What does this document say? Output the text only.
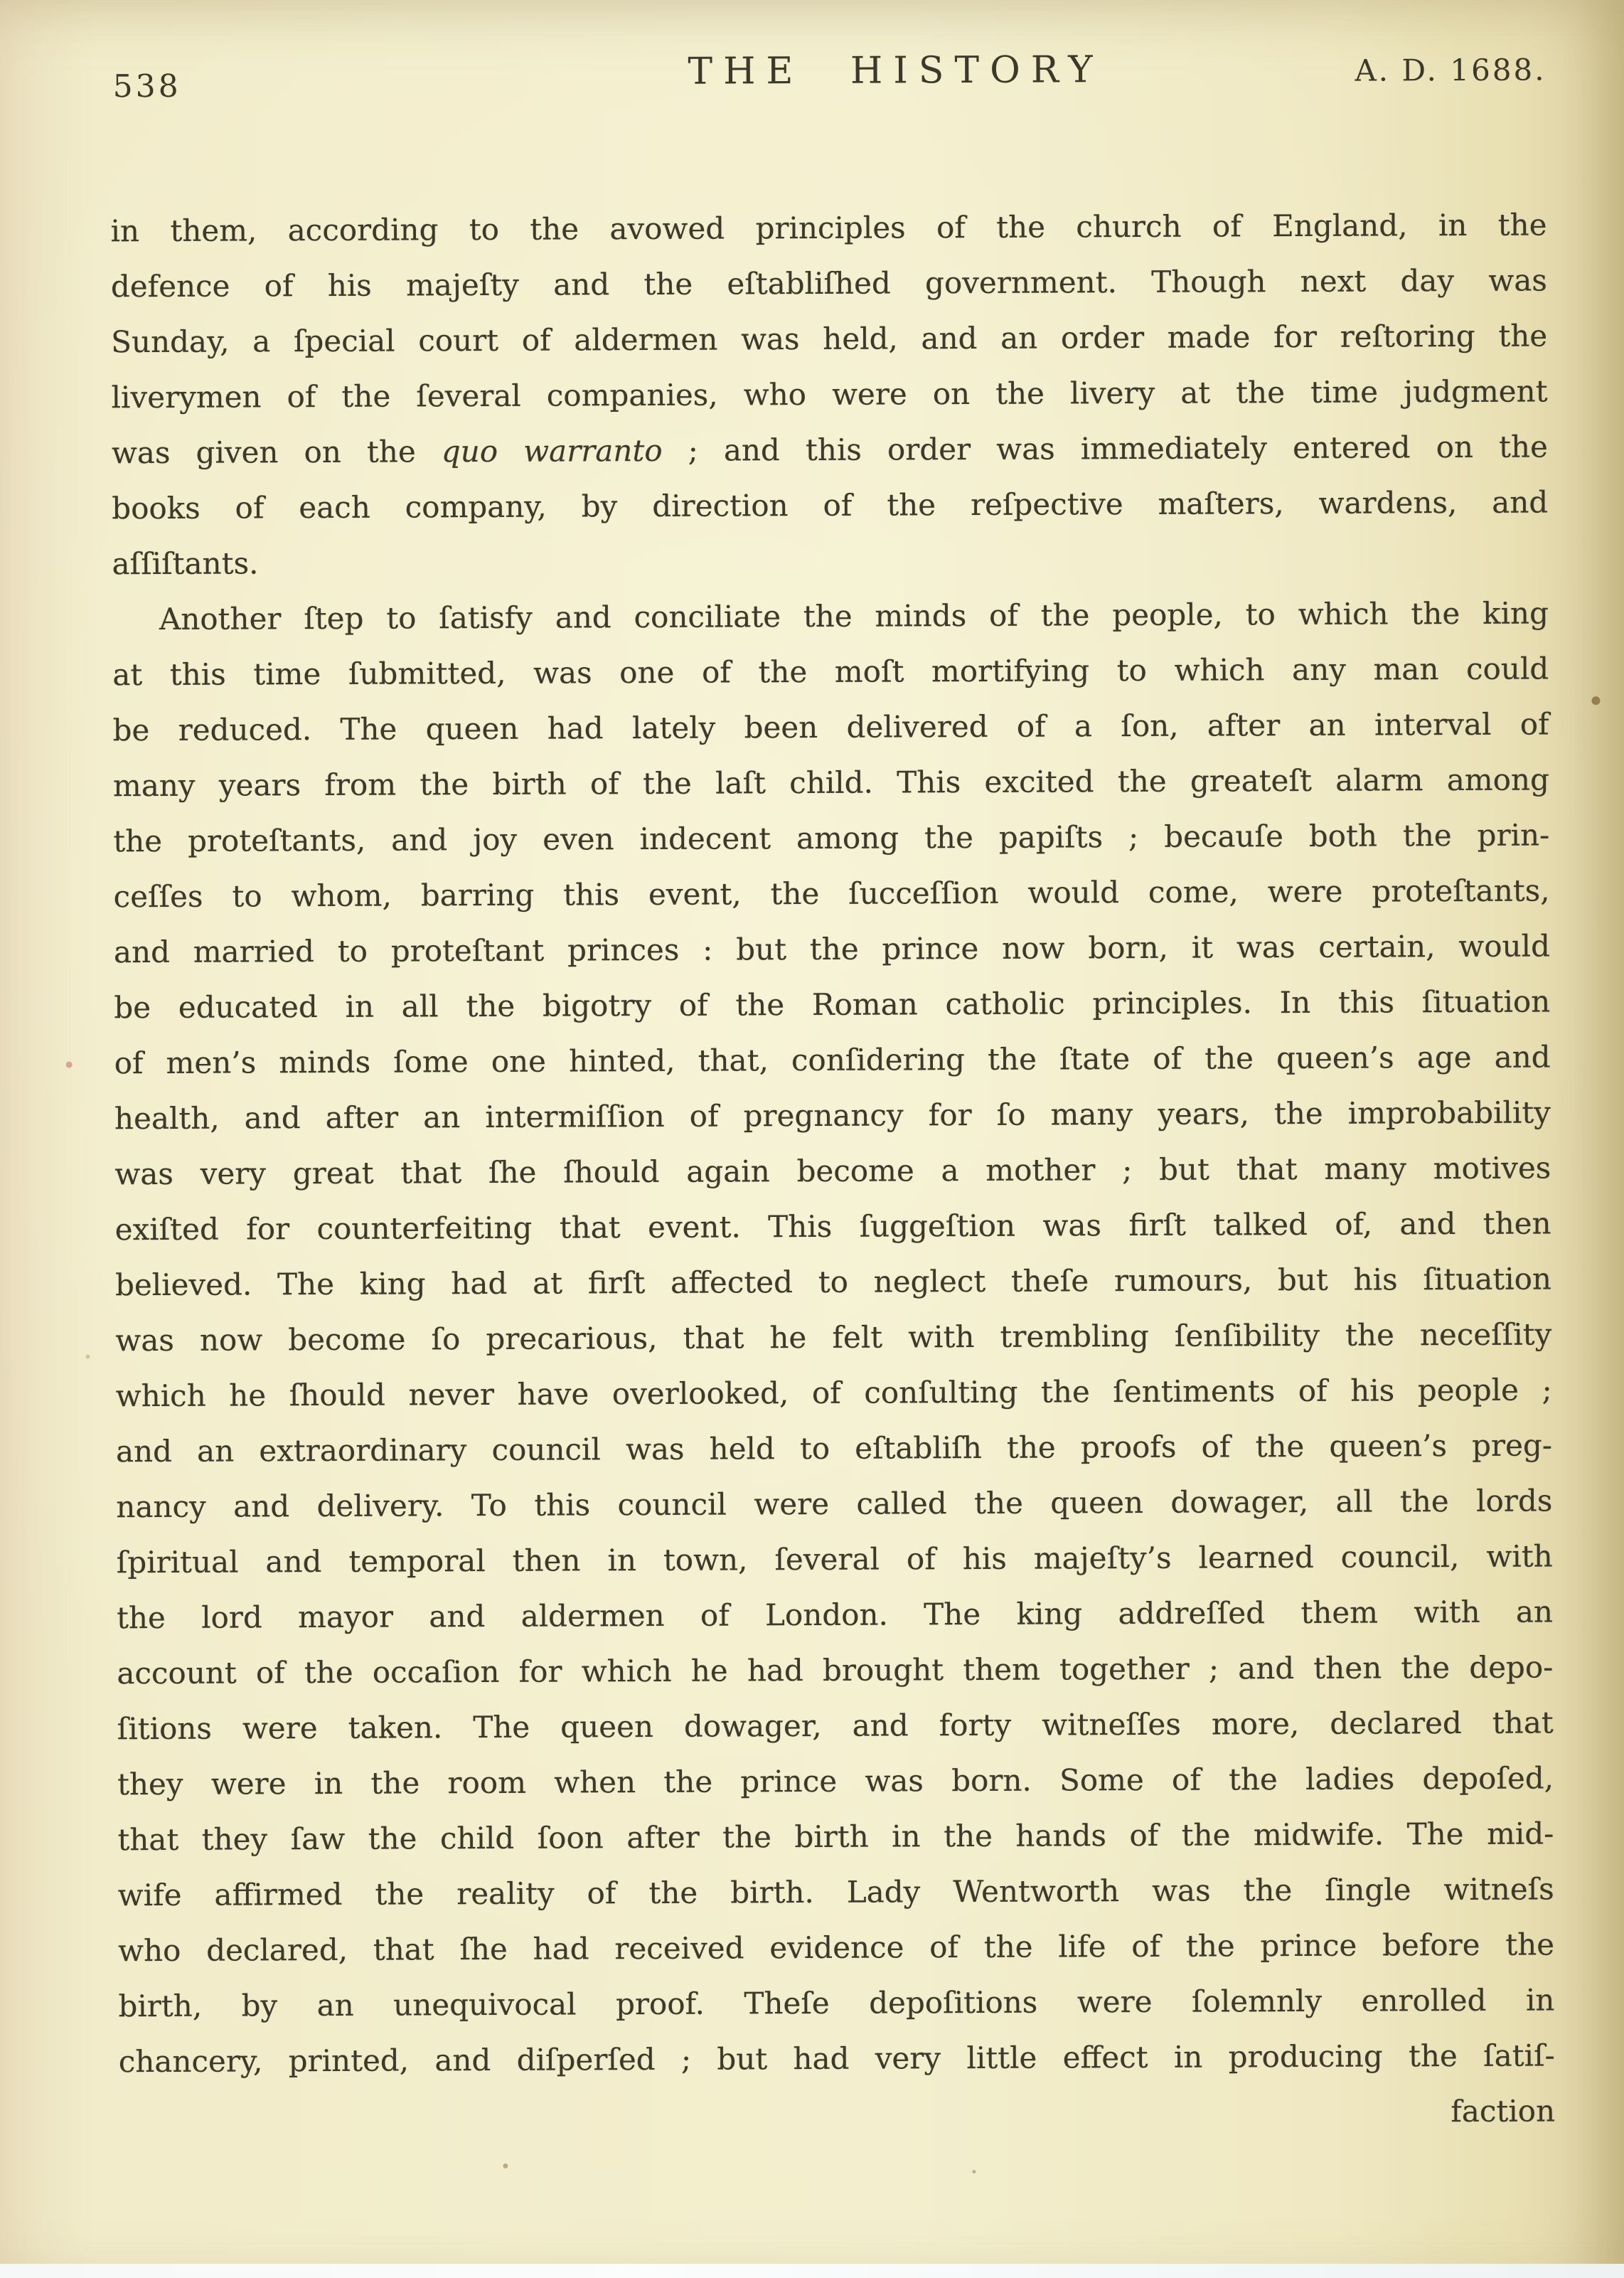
538	THE HISTORY	A. D. 1688.
in them, according to the avowed principles of the church of England, in the
defence of his majeſty and the eſtabliſhed government. Though next day was
Sunday, a ſpecial court of aldermen was held, and an order made for reſtoring the
liverymen of the ſeveral companies, who were on the livery at the time judgment
was given on the quo warranto ; and this order was immediately entered on the
books of each company, by direction of the reſpective maſters, wardens, and
aſſiſtants.
Another ſtep to ſatisfy and conciliate the minds of the people, to which the king
at this time ſubmitted, was one of the moſt mortifying to which any man could
be reduced. The queen had lately been delivered of a ſon, after an interval of
many years from the birth of the laſt child. This excited the greateſt alarm among
the proteſtants, and joy even indecent among the papiſts ; becauſe both the prin-
ceſſes to whom, barring this event, the ſucceſſion would come, were proteſtants,
and married to proteſtant princes : but the prince now born, it was certain, would
be educated in all the bigotry of the Roman catholic principles. In this ſituation
of men’s minds ſome one hinted, that, conſidering the ſtate of the queen’s age and
health, and after an intermiſſion of pregnancy for ſo many years, the improbability
was very great that ſhe ſhould again become a mother ; but that many motives
exiſted for counterfeiting that event. This ſuggeſtion was firſt talked of, and then
believed. The king had at firſt affected to neglect theſe rumours, but his ſituation
was now become ſo precarious, that he felt with trembling ſenſibility the neceſſity
which he ſhould never have overlooked, of conſulting the ſentiments of his people ;
and an extraordinary council was held to eſtabliſh the proofs of the queen’s preg-
nancy and delivery. To this council were called the queen dowager, all the lords
ſpiritual and temporal then in town, ſeveral of his majeſty’s learned council, with
the lord mayor and aldermen of London. The king addreſſed them with an
account of the occaſion for which he had brought them together ; and then the depo-
ſitions were taken. The queen dowager, and forty witneſſes more, declared that
they were in the room when the prince was born. Some of the ladies depoſed,
that they ſaw the child ſoon after the birth in the hands of the midwife. The mid-
wife affirmed the reality of the birth. Lady Wentworth was the ſingle witneſs
who declared, that ſhe had received evidence of the life of the prince before the
birth, by an unequivocal proof. Theſe depoſitions were ſolemnly enrolled in
chancery, printed, and diſperſed ; but had very little effect in producing the ſatiſ-
faction
